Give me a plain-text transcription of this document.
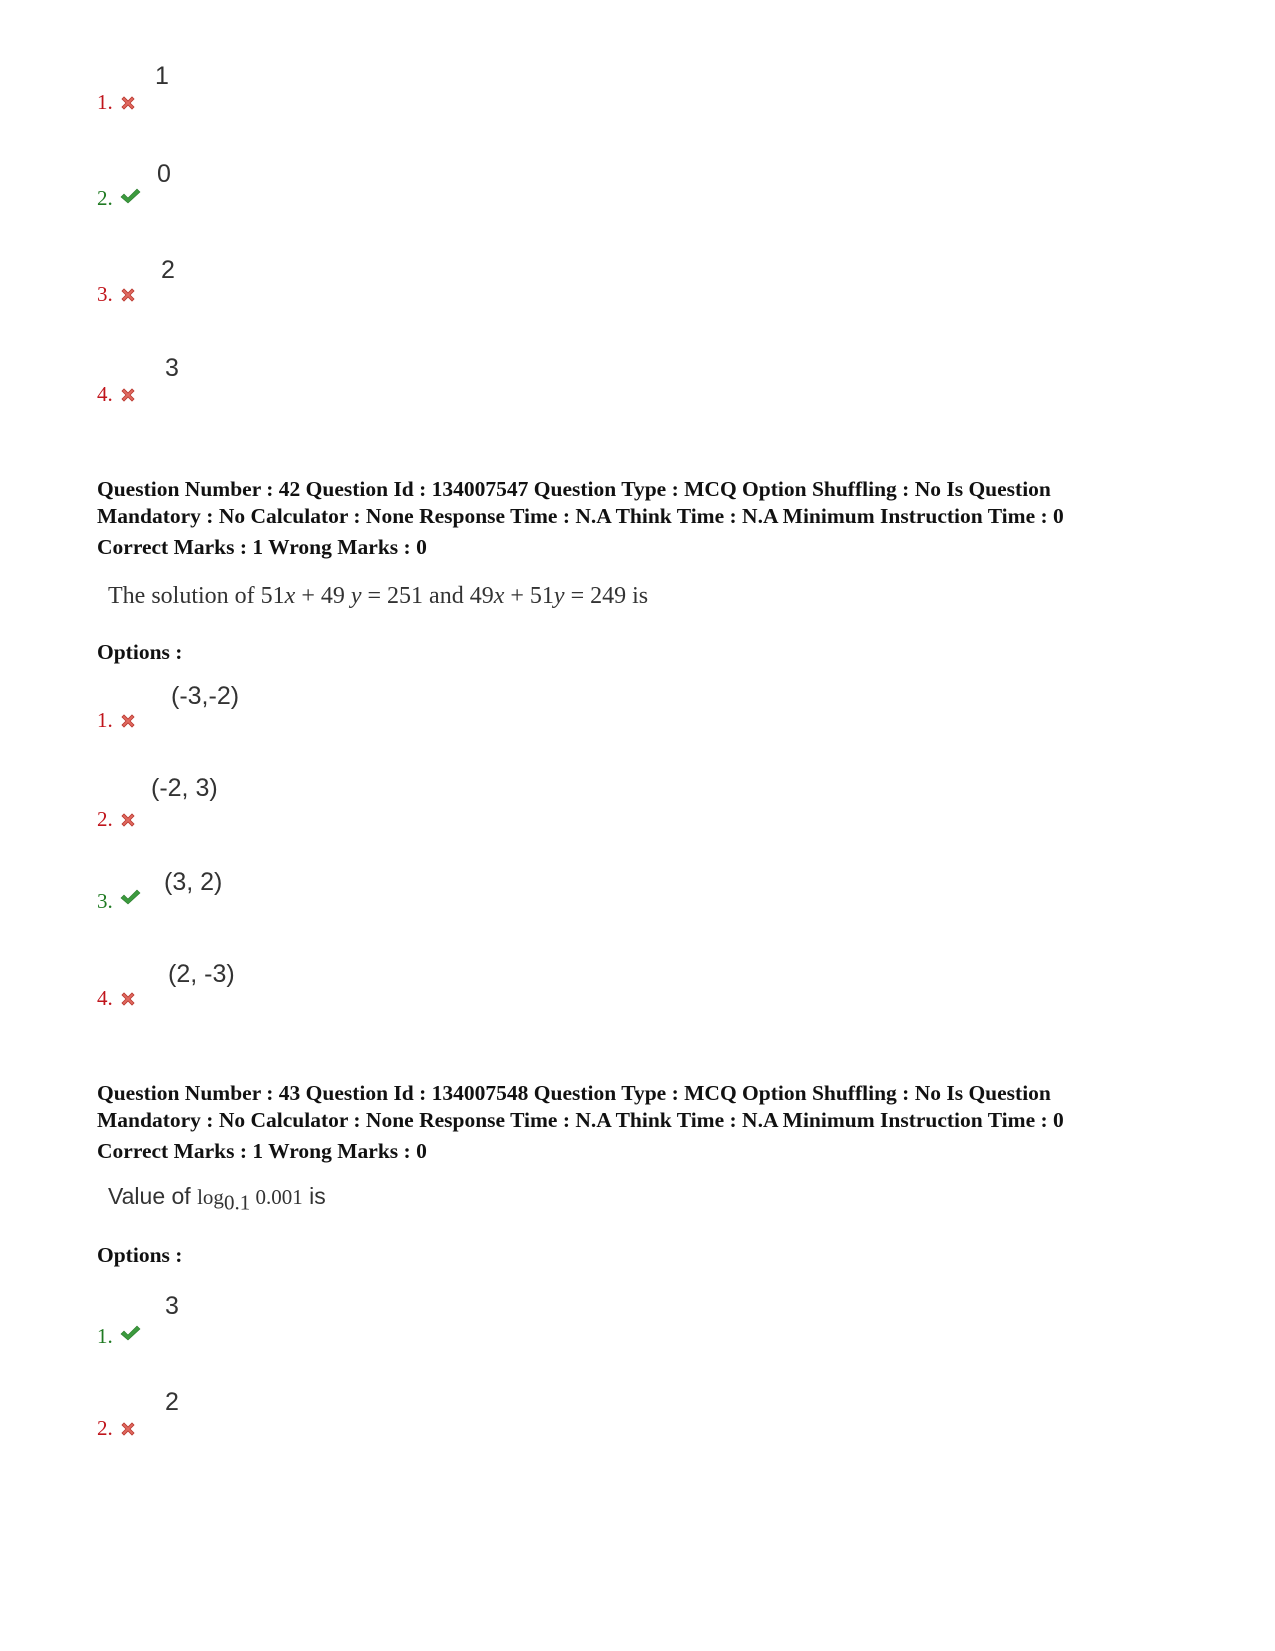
1.
1
2.
0
3.
2
4.
3

Question Number : 42 Question Id : 134007547 Question Type : MCQ Option Shuffling : No Is Question

Mandatory : No Calculator : None Response Time : N.A Think Time : N.A Minimum Instruction Time : 0

Correct Marks : 1 Wrong Marks : 0

The solution of 51x + 49 y = 251 and 49x + 51y = 249 is
Options :
1.
(-3,-2)
2.
(-2, 3)
3.
(3, 2)
4.
(2, -3)

Question Number : 43 Question Id : 134007548 Question Type : MCQ Option Shuffling : No Is Question

Mandatory : No Calculator : None Response Time : N.A Think Time : N.A Minimum Instruction Time : 0

Correct Marks : 1 Wrong Marks : 0

Value of $\log_{0.1} 0.001$ is
Options :
1.
3
2.
2
